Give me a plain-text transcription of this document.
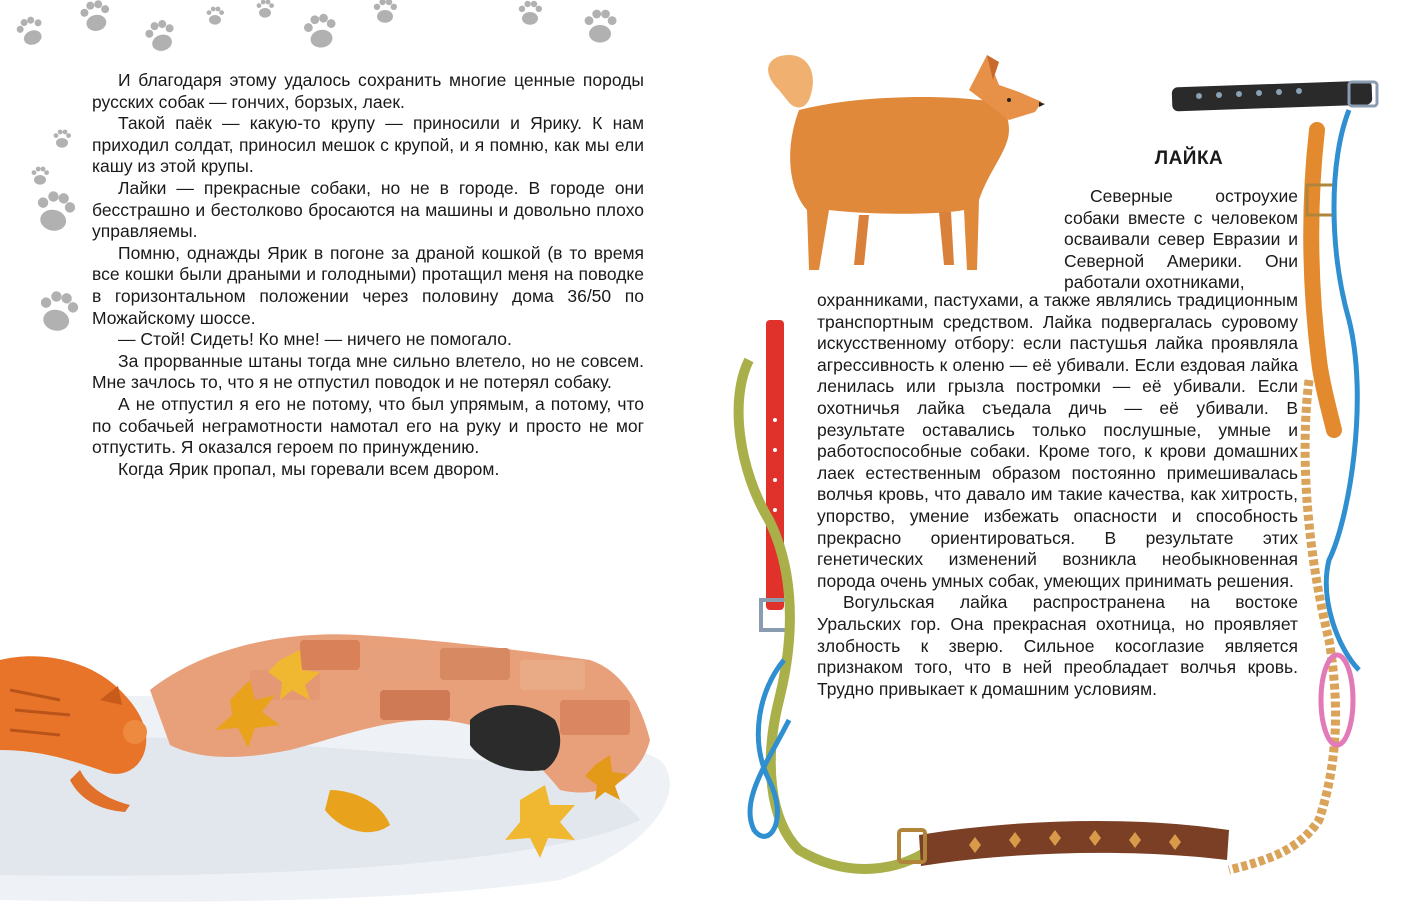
И благодаря этому удалось сохранить многие ценные породы русских собак — гончих, борзых, лаек.

Такой паёк — какую-то крупу — приносили и Ярику. К нам приходил солдат, приносил мешок с крупой, и я помню, как мы ели кашу из этой крупы.

Лайки — прекрасные собаки, но не в городе. В городе они бесстрашно и бестолково бросаются на машины и довольно плохо управляемы.

Помню, однажды Ярик в погоне за драной кошкой (в то время все кошки были драными и голодными) протащил меня на поводке в горизонтальном положении через половину дома 36/50 по Можайскому шоссе.

— Стой! Сидеть! Ко мне! — ничего не помогало.

За прорванные штаны тогда мне сильно влетело, но не совсем. Мне зачлось то, что я не отпустил поводок и не потерял собаку.

А не отпустил я его не потому, что был упрямым, а потому, что по собачьей неграмотности намотал его на руку и просто не мог отпустить. Я оказался героем по принуждению.

Когда Ярик пропал, мы горевали всем двором.

ЛАЙКА

Северные остроухие собаки вместе с человеком осваивали север Евразии и Северной Америки. Они работали охотниками,

охранниками, пастухами, а также являлись традиционным транспортным средством. Лайка подвергалась суровому искусственному отбору: если пастушья лайка проявляла агрессивность к оленю — её убивали. Если ездовая лайка ленилась или грызла постромки — её убивали. Если охотничья лайка съедала дичь — её убивали. В результате оставались только послушные, умные и работоспособные собаки. Кроме того, к крови домашних лаек естественным образом постоянно примешивалась волчья кровь, что давало им такие качества, как хитрость, упорство, умение избежать опасности и способность прекрасно ориентироваться. В результате этих генетических изменений возникла необыкновенная порода очень умных собак, умеющих принимать решения.

Вогульская лайка распространена на востоке Уральских гор. Она прекрасная охотница, но проявляет злобность к зверю. Сильное косоглазие является признаком того, что в ней преобладает волчья кровь. Трудно привыкает к домашним условиям.
